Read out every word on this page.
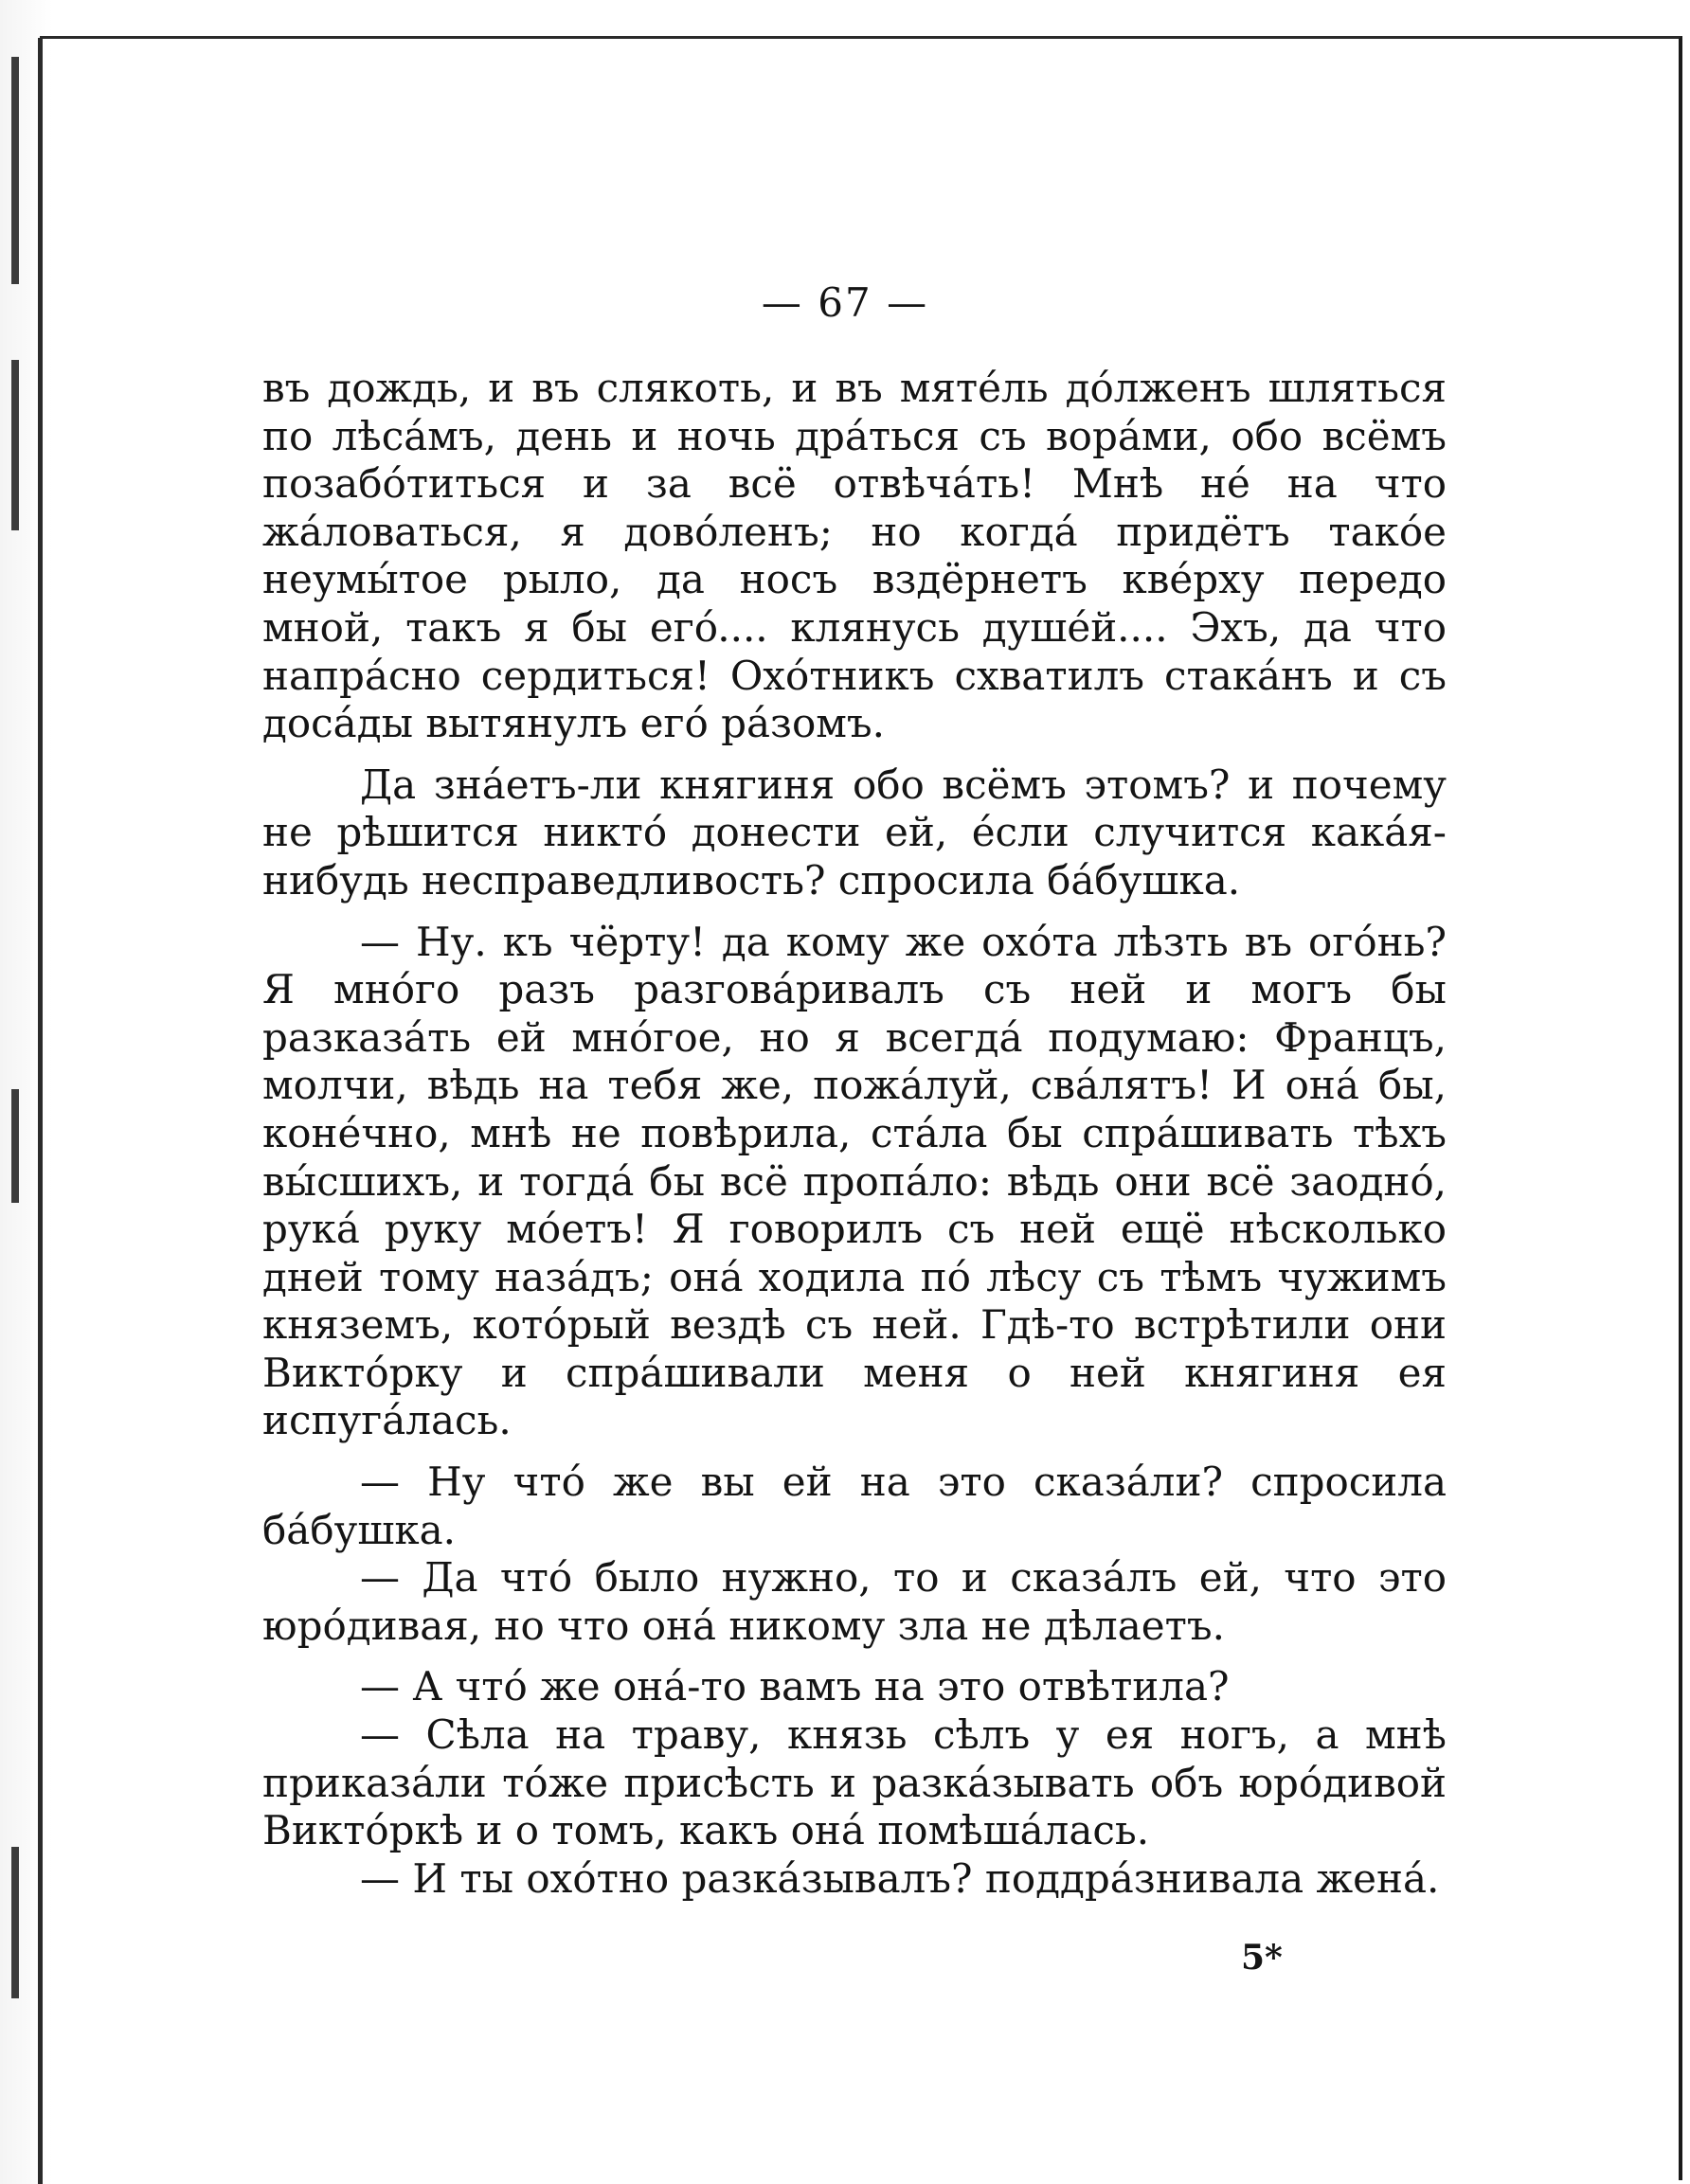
— 67 —

въ дождь, и въ слякоть, и въ мятéль дóлженъ шляться по лѣсáмъ, день и ночь дрáться съ ворáми, обо всёмъ позабóтиться и за всё отвѣчáть! Мнѣ нé на что жáловаться, я довóленъ; но когдá придётъ такóе неумы́тое рыло, да носъ вздёрнетъ квéрху передо мной, такъ я бы егó.... клянусь душéй.... Эхъ, да что напрáсно сердиться! Охóтникъ схватилъ стакáнъ и съ досáды вытянулъ егó рáзомъ.

Да знáетъ-ли княгиня обо всёмъ этомъ? и почему не рѣшится никтó донести ей, éсли случится какáя-нибудь несправедливость? спросила бáбушка.

— Ну. къ чёрту! да кому же охóта лѣзть въ огóнь? Я мнóго разъ разговáривалъ съ ней и могъ бы разказáть ей мнóгое, но я всегдá подумаю: Францъ, молчи, вѣдь на тебя же, пожáлуй, свáлятъ! И онá бы, конéчно, мнѣ не повѣрила, стáла бы спрáшивать тѣхъ вы́сшихъ, и тогдá бы всё пропáло: вѣдь они всё заоднó, рукá руку мóетъ! Я говорилъ съ ней ещё нѣсколько дней тому назáдъ; онá ходила пó лѣсу съ тѣмъ чужимъ княземъ, котóрый вездѣ съ ней. Гдѣ-то встрѣтили они Виктóрку и спрáшивали меня о ней княгиня ея испугáлась.

— Ну чтó же вы ей на это сказáли? спросила бáбушка.

— Да чтó было нужно, то и сказáлъ ей, что это юрóдивая, но что онá никому зла не дѣлаетъ.

— А чтó же онá-то вамъ на это отвѣтила?

— Сѣла на траву, князь сѣлъ у ея ногъ, а мнѣ приказáли тóже присѣсть и разкáзывать объ юрóдивой Виктóркѣ и о томъ, какъ онá помѣшáлась.

— И ты охóтно разкáзывалъ? поддрáзнивала женá.

5*
